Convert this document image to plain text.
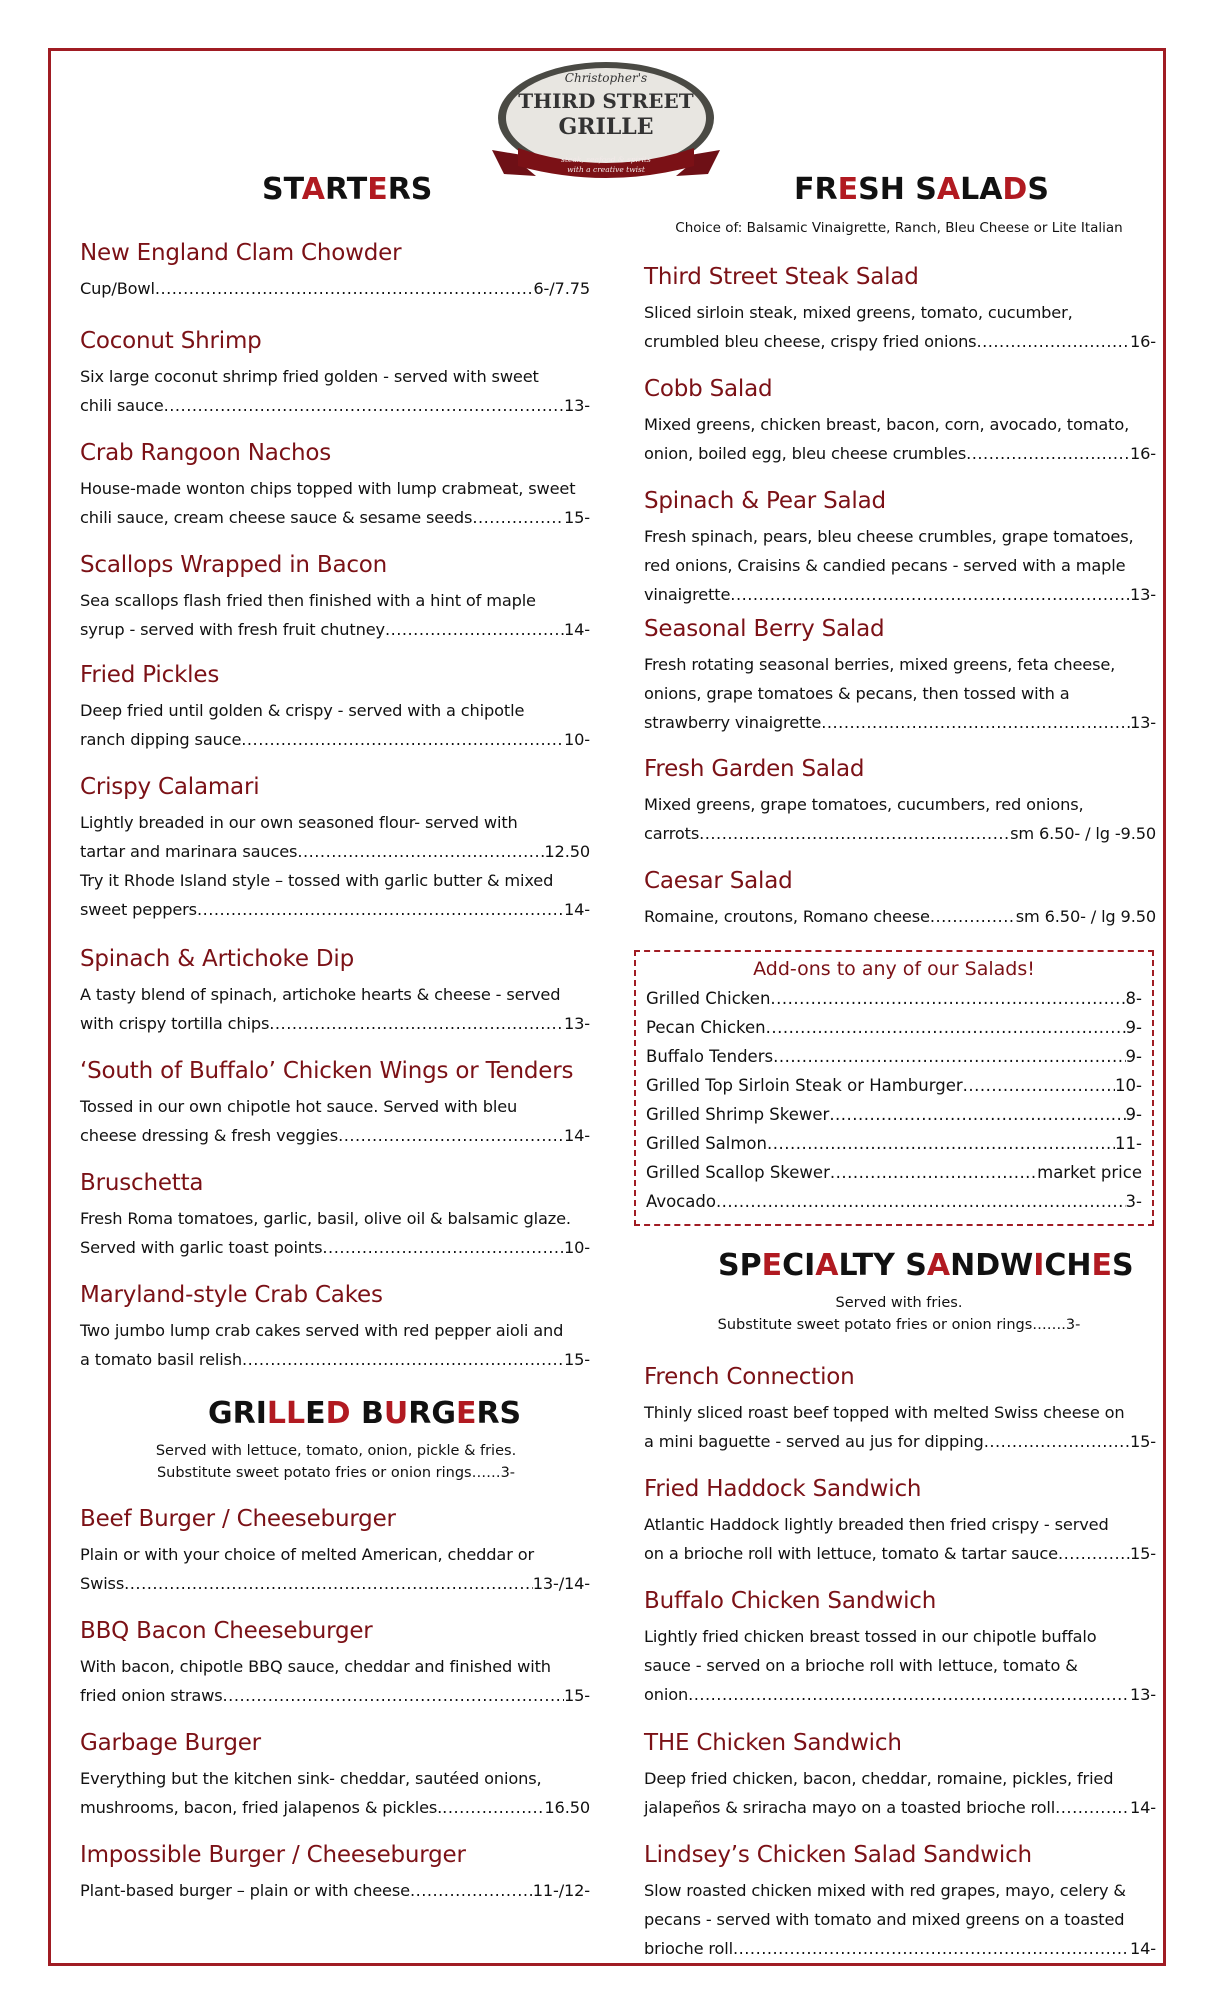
Christopher's
THIRD STREET
GRILLE
steak, seafood & spirits
with a creative twist
STARTERS
New England Clam Chowder
Cup/Bowl .....	6-/7.75
Coconut Shrimp
Six large coconut shrimp fried golden - served with sweet
chili sauce .....	13-
Crab Rangoon Nachos
House-made wonton chips topped with lump crabmeat, sweet
chili sauce, cream cheese sauce & sesame seeds .....	15-
Scallops Wrapped in Bacon
Sea scallops flash fried then finished with a hint of maple
syrup - served with fresh fruit chutney .....	14-
Fried Pickles
Deep fried until golden & crispy - served with a chipotle
ranch dipping sauce .....	10-
Crispy Calamari
Lightly breaded in our own seasoned flour- served with
tartar and marinara sauces .....	12.50
Try it Rhode Island style – tossed with garlic butter & mixed
sweet peppers .....	14-
Spinach & Artichoke Dip
A tasty blend of spinach, artichoke hearts & cheese - served
with crispy tortilla chips .....	13-
‘South of Buffalo’ Chicken Wings or Tenders
Tossed in our own chipotle hot sauce. Served with bleu
cheese dressing & fresh veggies .....	14-
Bruschetta
Fresh Roma tomatoes, garlic, basil, olive oil & balsamic glaze.
Served with garlic toast points .....	10-
Maryland-style Crab Cakes
Two jumbo lump crab cakes served with red pepper aioli and
a tomato basil relish .....	15-
GRILLED BURGERS
Served with lettuce, tomato, onion, pickle & fries.
Substitute sweet potato fries or onion rings……3-
Beef Burger / Cheeseburger
Plain or with your choice of melted American, cheddar or
Swiss .....	13-/14-
BBQ Bacon Cheeseburger
With bacon, chipotle BBQ sauce, cheddar and finished with
fried onion straws .....	15-
Garbage Burger
Everything but the kitchen sink- cheddar, sautéed onions,
mushrooms, bacon, fried jalapenos & pickles. .....	16.50
Impossible Burger / Cheeseburger
Plant-based burger – plain or with cheese .....	11-/12-
FRESH SALADS
Choice of: Balsamic Vinaigrette, Ranch, Bleu Cheese or Lite Italian
Third Street Steak Salad
Sliced sirloin steak, mixed greens, tomato, cucumber,
crumbled bleu cheese, crispy fried onions .....	16-
Cobb Salad
Mixed greens, chicken breast, bacon, corn, avocado, tomato,
onion, boiled egg, bleu cheese crumbles .....	16-
Spinach & Pear Salad
Fresh spinach, pears, bleu cheese crumbles, grape tomatoes,
red onions, Craisins & candied pecans - served with a maple
vinaigrette .....	13-
Seasonal Berry Salad
Fresh rotating seasonal berries, mixed greens, feta cheese,
onions, grape tomatoes & pecans, then tossed with a
strawberry vinaigrette .....	13-
Fresh Garden Salad
Mixed greens, grape tomatoes, cucumbers, red onions,
carrots .....	sm 6.50- / lg -9.50
Caesar Salad
Romaine, croutons, Romano cheese .....	sm 6.50- / lg 9.50
Add-ons to any of our Salads!
Grilled Chicken .....	8-
Pecan Chicken .....	9-
Buffalo Tenders .....	9-
Grilled Top Sirloin Steak or Hamburger .....	10-
Grilled Shrimp Skewer .....	9-
Grilled Salmon .....	11-
Grilled Scallop Skewer .....	market price
Avocado .....	3-
SPECIALTY SANDWICHES
Served with fries.
Substitute sweet potato fries or onion rings…….3-
French Connection
Thinly sliced roast beef topped with melted Swiss cheese on
a mini baguette - served au jus for dipping .....	15-
Fried Haddock Sandwich
Atlantic Haddock lightly breaded then fried crispy - served
on a brioche roll with lettuce, tomato & tartar sauce .....	15-
Buffalo Chicken Sandwich
Lightly fried chicken breast tossed in our chipotle buffalo
sauce - served on a brioche roll with lettuce, tomato &
onion .....	13-
THE Chicken Sandwich
Deep fried chicken, bacon, cheddar, romaine, pickles, fried
jalapeños & sriracha mayo on a toasted brioche roll .....	14-
Lindsey’s Chicken Salad Sandwich
Slow roasted chicken mixed with red grapes, mayo, celery &
pecans - served with tomato and mixed greens on a toasted
brioche roll .....	14-
